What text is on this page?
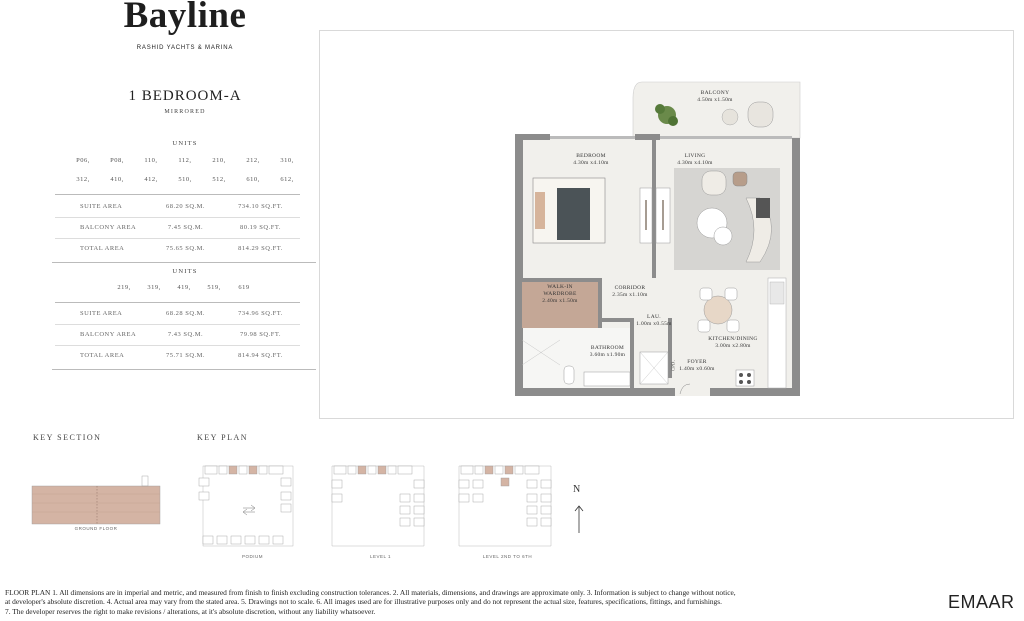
Bayline
RASHID YACHTS & MARINA
1 BEDROOM-A
MIRRORED
UNITS
P06,	P08,	110,	112,	210,	212,	310,
312,	410,	412,	510,	512,	610,	612,
SUITE AREA	68.20 SQ.M.	734.10 SQ.FT.
BALCONY AREA	7.45 SQ.M.	80.19 SQ.FT.
TOTAL AREA	75.65 SQ.M.	814.29 SQ.FT.
UNITS
219,	319,	419,	519,	619
SUITE AREA	68.28 SQ.M.	734.96 SQ.FT.
BALCONY AREA	7.43 SQ.M.	79.98 SQ.FT.
TOTAL AREA	75.71 SQ.M.	814.94 SQ.FT.
BALCONY
4.50m x1.50m
BEDROOM
4.30m x4.10m
LIVING
4.30m x4.10m
WALK-IN
WARDROBE
2.40m x1.50m
CORRIDOR
2.35m x1.10m
LAU.
1.00m x0.55m
BATHROOM
3.60m x1.90m
KITCHEN/DINING
3.00m x2.80m
FOYER
1.40m x0.60m
CPD.
KEY SECTION
GROUND FLOOR
KEY PLAN
PODIUM	LEVEL 1	LEVEL 2ND TO 6TH
N
FLOOR PLAN 1. All dimensions are in imperial and metric, and measured from finish to finish excluding construction tolerances. 2. All materials, dimensions, and drawings are approximate only. 3. Information is subject to change without notice,
at developer's absolute discretion. 4. Actual area may vary from the stated area. 5. Drawings not to scale. 6. All images used are for illustrative purposes only and do not represent the actual size, features, specifications, fittings, and furnishings.
7. The developer reserves the right to make revisions / alterations, at it's absolute discretion, without any liability whatsoever.	EMAAR
